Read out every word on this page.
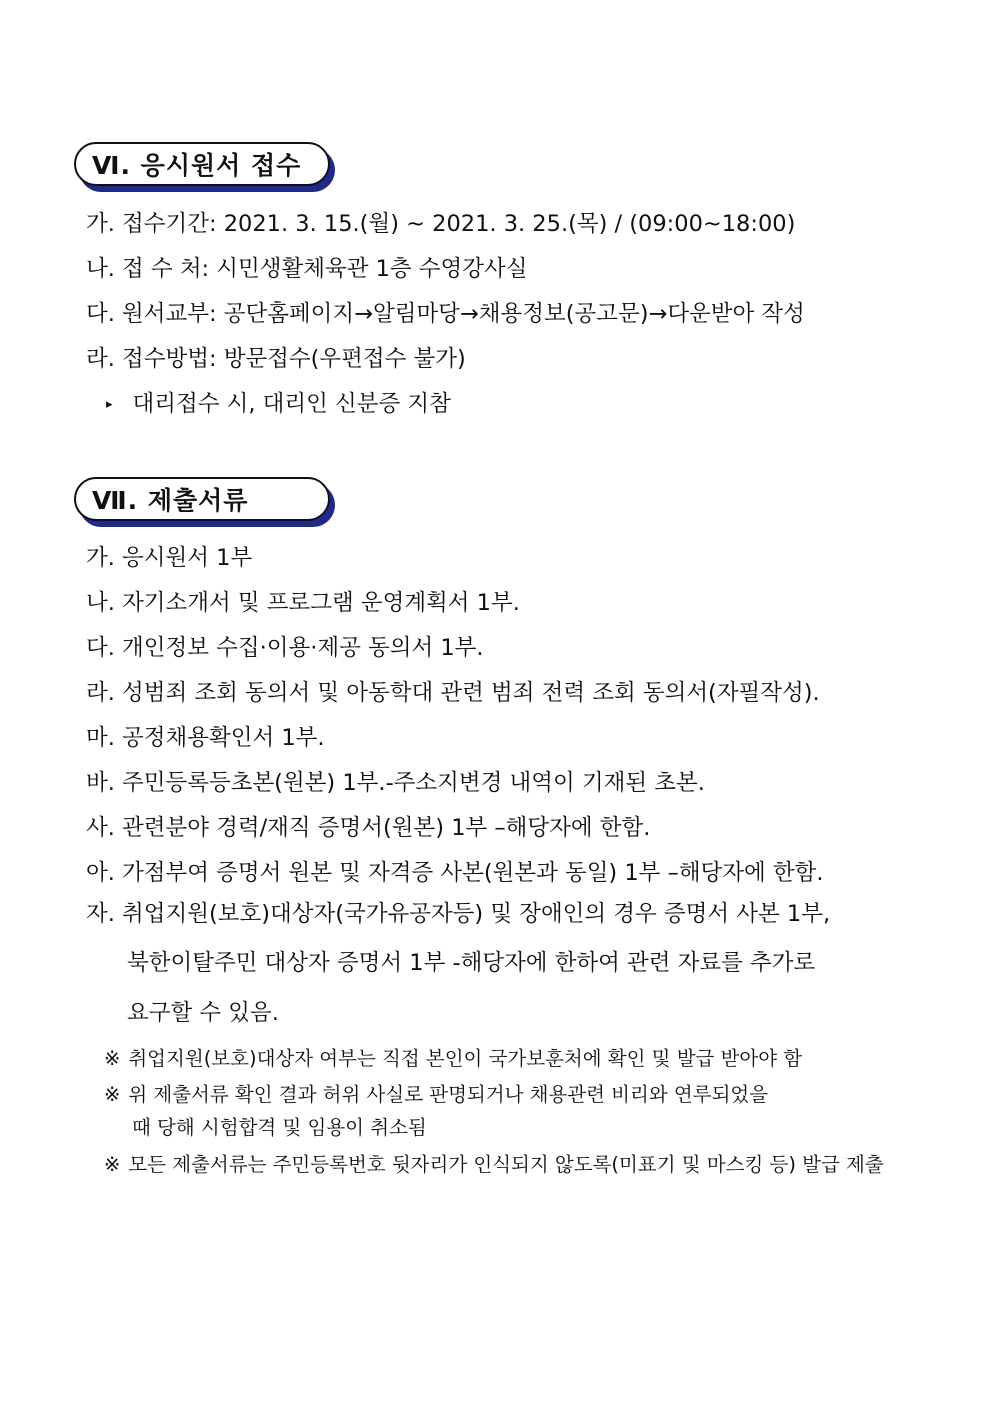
Ⅵ. 응시원서 접수
가. 접수기간: 2021. 3. 15.(월) ~ 2021. 3. 25.(목) / (09:00~18:00)
나. 접 수 처: 시민생활체육관 1층 수영강사실
다. 원서교부: 공단홈페이지→알림마당→채용정보(공고문)→다운받아 작성
라. 접수방법: 방문접수(우편접수 불가)
▸ 대리접수 시, 대리인 신분증 지참
Ⅶ. 제출서류
가. 응시원서 1부
나. 자기소개서 및 프로그램 운영계획서 1부.
다. 개인정보 수집·이용·제공 동의서 1부.
라. 성범죄 조회 동의서 및 아동학대 관련 범죄 전력 조회 동의서(자필작성).
마. 공정채용확인서 1부.
바. 주민등록등초본(원본) 1부.-주소지변경 내역이 기재된 초본.
사. 관련분야 경력/재직 증명서(원본) 1부 –해당자에 한함.
아. 가점부여 증명서 원본 및 자격증 사본(원본과 동일) 1부 –해당자에 한함.
자. 취업지원(보호)대상자(국가유공자등) 및 장애인의 경우 증명서 사본 1부,
북한이탈주민 대상자 증명서 1부 -해당자에 한하여 관련 자료를 추가로
요구할 수 있음.
※ 취업지원(보호)대상자 여부는 직접 본인이 국가보훈처에 확인 및 발급 받아야 함
※ 위 제출서류 확인 결과 허위 사실로 판명되거나 채용관련 비리와 연루되었을
때 당해 시험합격 및 임용이 취소됨
※ 모든 제출서류는 주민등록번호 뒷자리가 인식되지 않도록(미표기 및 마스킹 등) 발급 제출
